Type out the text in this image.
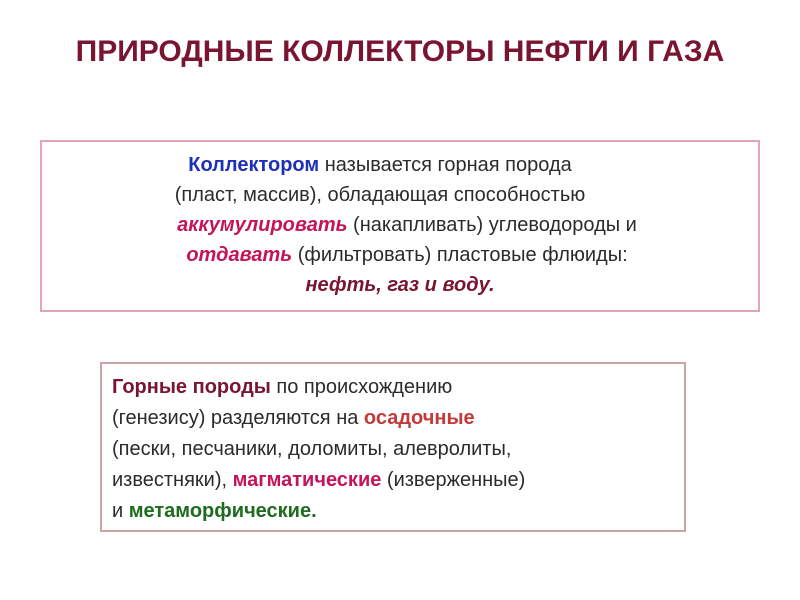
ПРИРОДНЫЕ КОЛЛЕКТОРЫ НЕФТИ И ГАЗА
Коллектором называется горная порода
(пласт, массив), обладающая способностью
аккумулировать (накапливать) углеводороды и
отдавать (фильтровать) пластовые флюиды:
нефть, газ и воду.
Горные породы по происхождению
(генезису) разделяются на осадочные
(пески, песчаники, доломиты, алевролиты,
известняки), магматические (изверженные)
и метаморфические.
